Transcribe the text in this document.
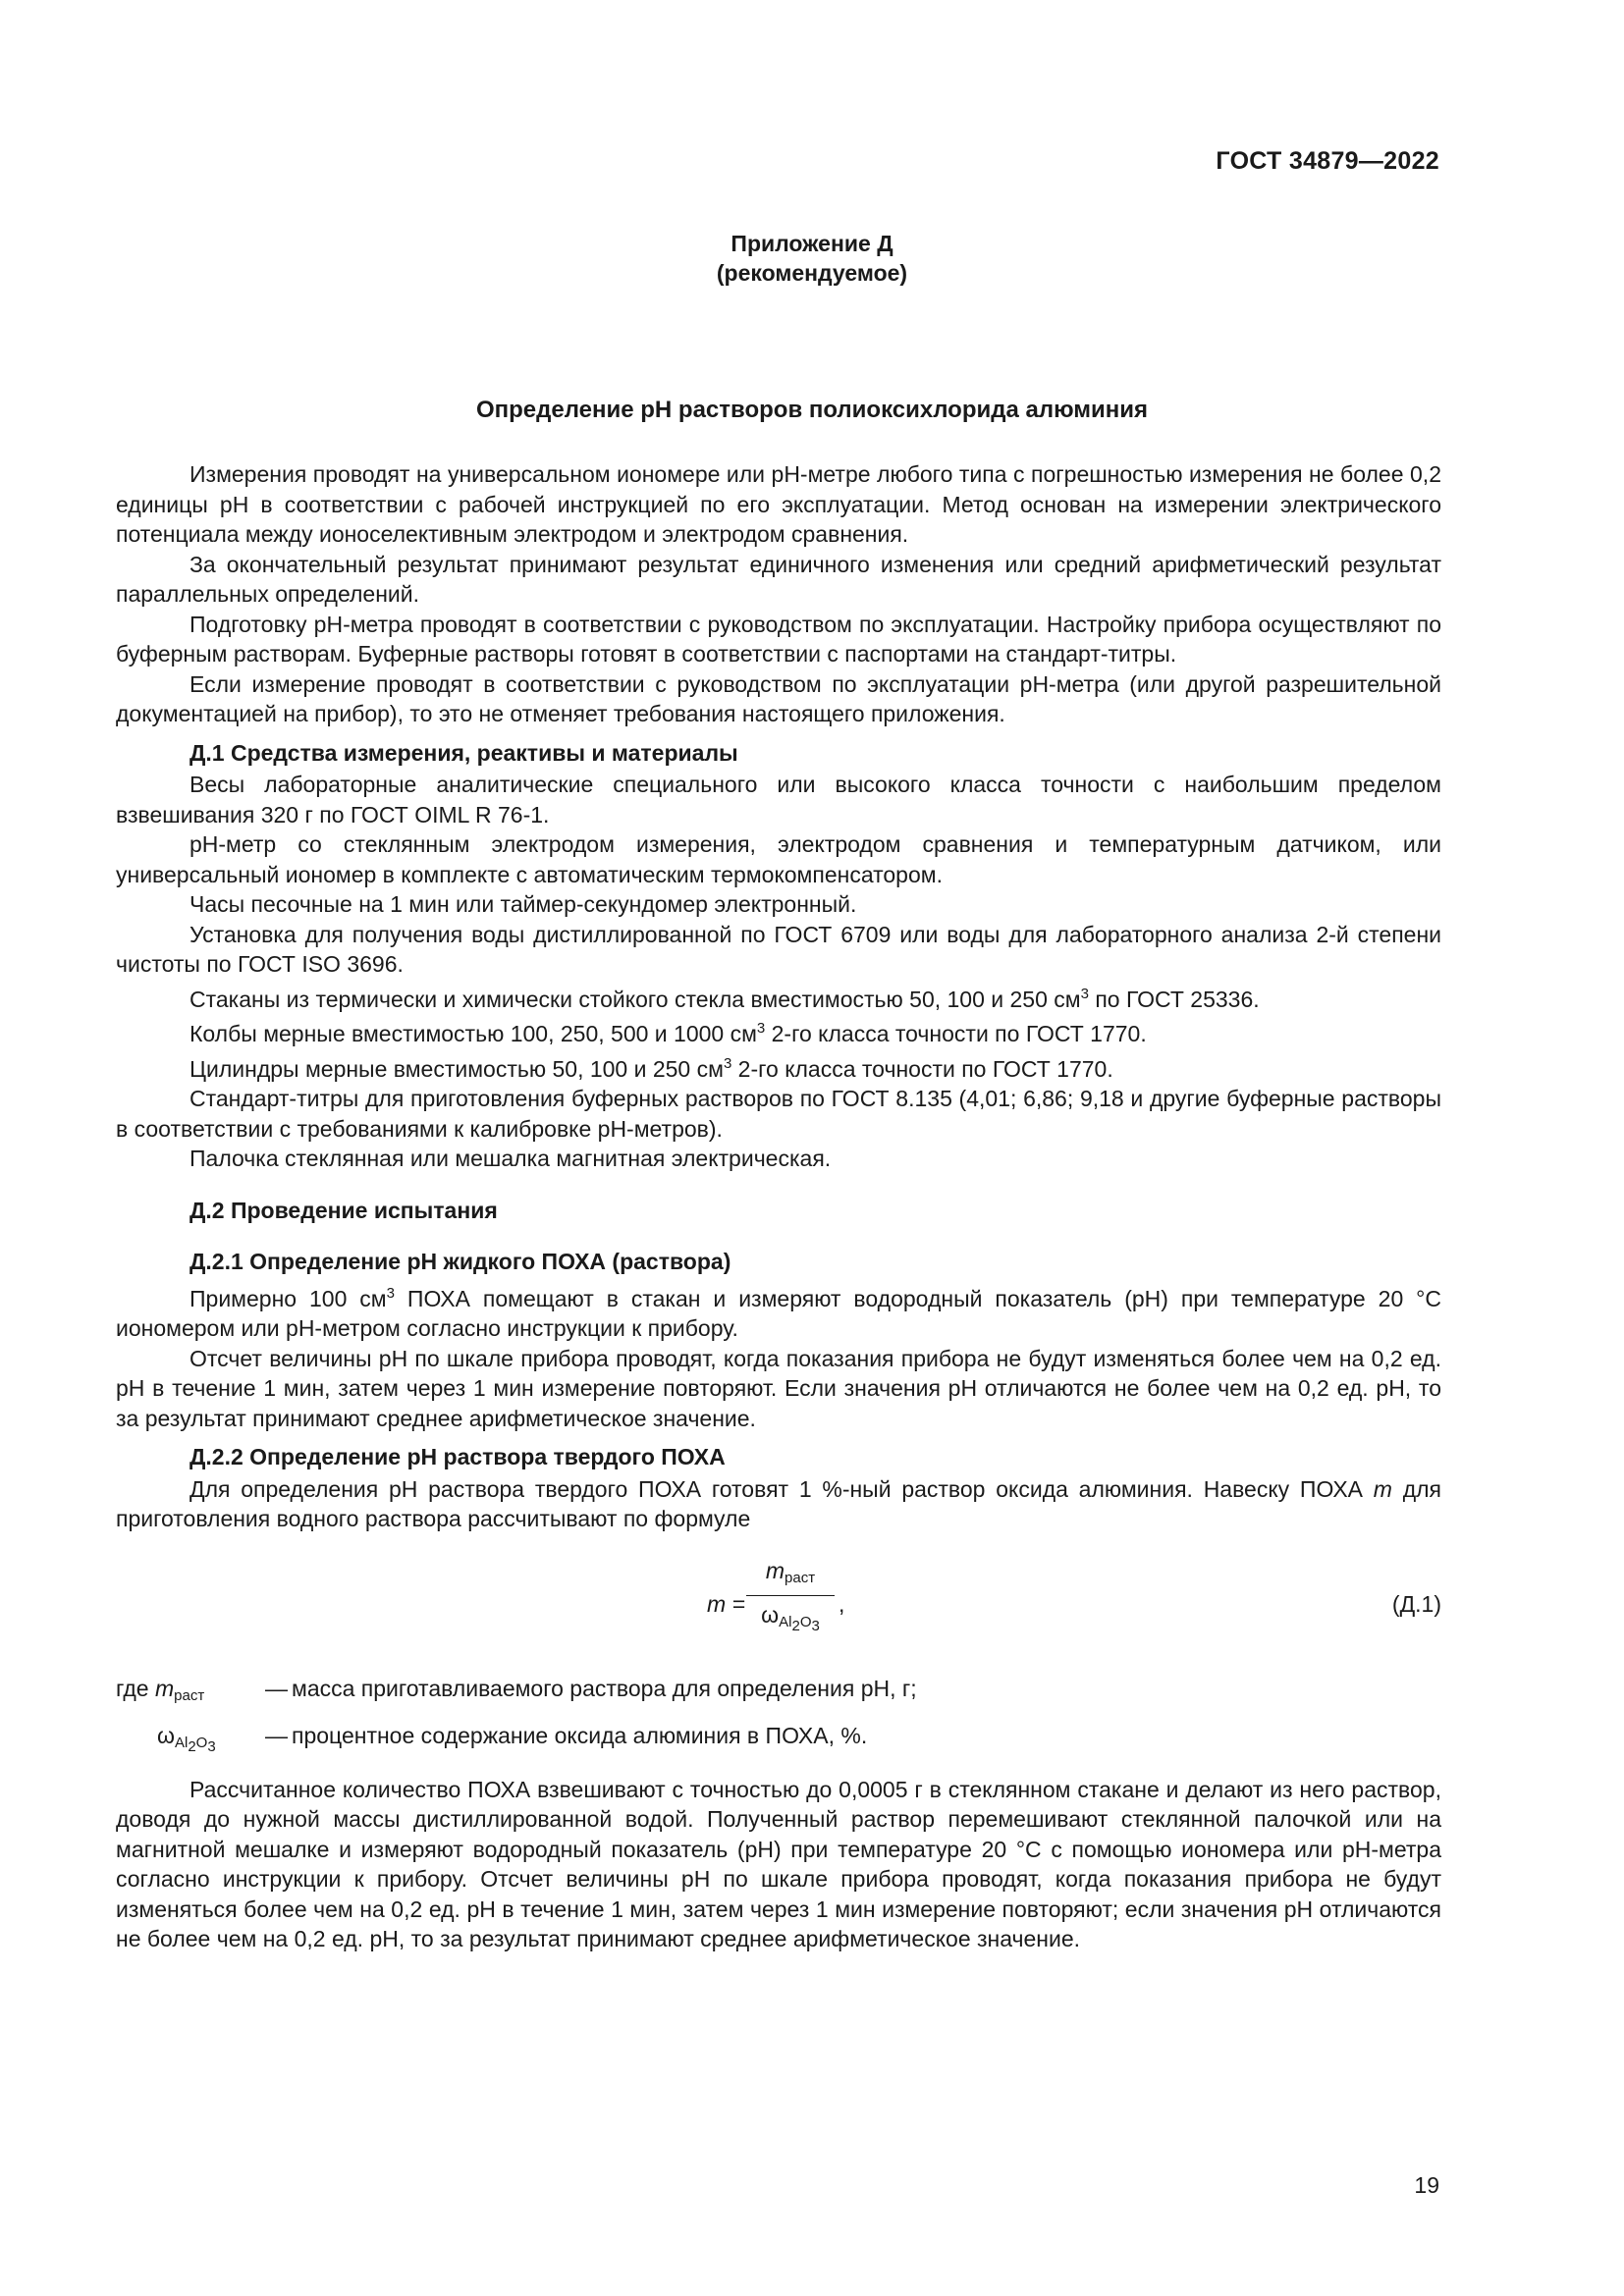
ГОСТ 34879—2022
Приложение Д
(рекомендуемое)
Определение pH растворов полиоксихлорида алюминия

Измерения проводят на универсальном иономере или pH-метре любого типа с погрешностью измерения не более 0,2 единицы pH в соответствии с рабочей инструкцией по его эксплуатации. Метод основан на измерении электрического потенциала между ионоселективным электродом и электродом сравнения.

За окончательный результат принимают результат единичного изменения или средний арифметический результат параллельных определений.

Подготовку pH-метра проводят в соответствии с руководством по эксплуатации. Настройку прибора осуществляют по буферным растворам. Буферные растворы готовят в соответствии с паспортами на стандарт-титры.

Если измерение проводят в соответствии с руководством по эксплуатации pH-метра (или другой разрешительной документацией на прибор), то это не отменяет требования настоящего приложения.

Д.1 Средства измерения, реактивы и материалы

Весы лабораторные аналитические специального или высокого класса точности с наибольшим пределом взвешивания 320 г по ГОСТ OIML R 76-1.

pH-метр со стеклянным электродом измерения, электродом сравнения и температурным датчиком, или универсальный иономер в комплекте с автоматическим термокомпенсатором.

Часы песочные на 1 мин или таймер-секундомер электронный.

Установка для получения воды дистиллированной по ГОСТ 6709 или воды для лабораторного анализа 2-й степени чистоты по ГОСТ ISO 3696.

Стаканы из термически и химически стойкого стекла вместимостью 50, 100 и 250 $см^3$ по ГОСТ 25336.

Колбы мерные вместимостью 100, 250, 500 и 1000 $см^3$ 2-го класса точности по ГОСТ 1770.

Цилиндры мерные вместимостью 50, 100 и 250 $см^3$ 2-го класса точности по ГОСТ 1770.

Стандарт-титры для приготовления буферных растворов по ГОСТ 8.135 (4,01; 6,86; 9,18 и другие буферные растворы в соответствии с требованиями к калибровке pH-метров).

Палочка стеклянная или мешалка магнитная электрическая.

Д.2 Проведение испытания
Д.2.1 Определение pH жидкого ПОХА (раствора)

Примерно 100 $см^3$ ПОХА помещают в стакан и измеряют водородный показатель (pH) при температуре 20 °С иономером или pH-метром согласно инструкции к прибору.

Отсчет величины pH по шкале прибора проводят, когда показания прибора не будут изменяться более чем на 0,2 ед. pH в течение 1 мин, затем через 1 мин измерение повторяют. Если значения pH отличаются не более чем на 0,2 ед. pH, то за результат принимают среднее арифметическое значение.

Д.2.2 Определение pH раствора твердого ПОХА

Для определения pH раствора твердого ПОХА готовят 1 %-ный раствор оксида алюминия. Навеску ПОХА m для приготовления водного раствора рассчитывают по формуле

m =
$m_{раст}$
$\omega_{Al_2O_3}$
,	(Д.1)
где $m_{раст}$	— масса приготавливаемого раствора для определения pH, г;
$\omega_{Al_2O_3}$	— процентное содержание оксида алюминия в ПОХА, %.

Рассчитанное количество ПОХА взвешивают с точностью до 0,0005 г в стеклянном стакане и делают из него раствор, доводя до нужной массы дистиллированной водой. Полученный раствор перемешивают стеклянной палочкой или на магнитной мешалке и измеряют водородный показатель (pH) при температуре 20 °С с помощью иономера или pH-метра согласно инструкции к прибору. Отсчет величины pH по шкале прибора проводят, когда показания прибора не будут изменяться более чем на 0,2 ед. pH в течение 1 мин, затем через 1 мин измерение повторяют; если значения pH отличаются не более чем на 0,2 ед. pH, то за результат принимают среднее арифметическое значение.

19
